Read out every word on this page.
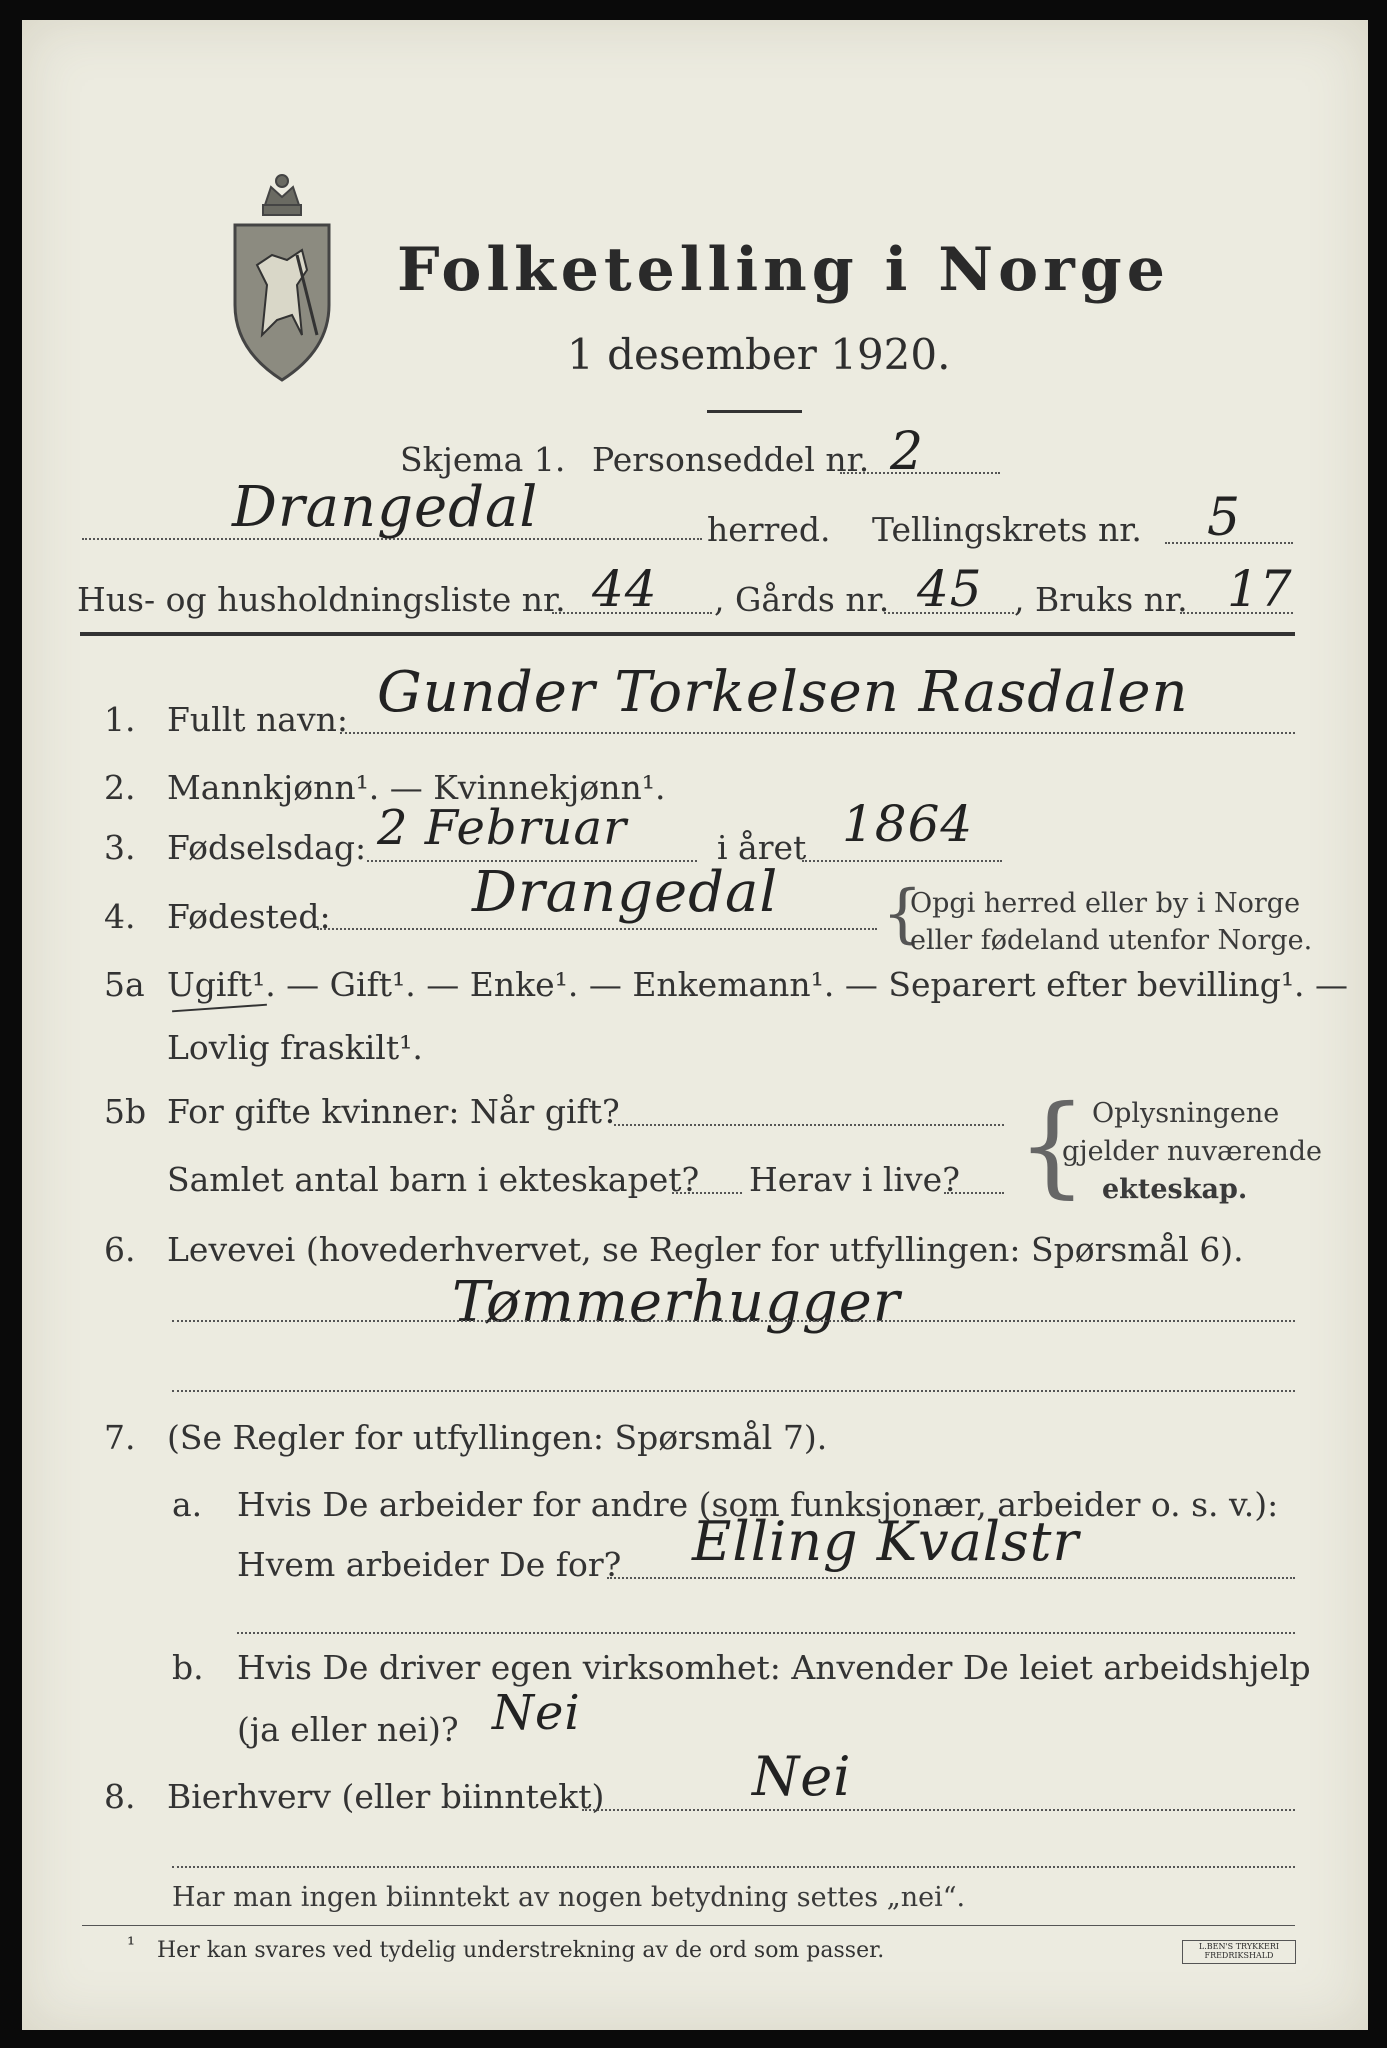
Folketelling i Norge
1 desember 1920.
Skjema 1. Personseddel nr. 2
Drangedal	herred. Tellingskrets nr. 5
Hus- og husholdningsliste nr. 44 , Gårds nr. 45 , Bruks nr. 17
1. Fullt navn: Gunder Torkelsen Rasdalen
2. Mannkjønn¹. — Kvinnekjønn¹.
3. Fødselsdag: 2 Februar	i året 1864
4. Fødested:	Drangedal {
Opgi herred eller by i Norge
eller fødeland utenfor Norge.
5a Ugift¹. — Gift¹. — Enke¹. — Enkemann¹. — Separert efter bevilling¹. —
Lovlig fraskilt¹.
5b For gifte kvinner: Når gift?
Samlet antal barn i ekteskapet? Herav i live? { Oplysningene
gjelder nuværende
ekteskap.
6. Levevei (hovederhvervet, se Regler for utfyllingen: Spørsmål 6).
Tømmerhugger
7. (Se Regler for utfyllingen: Spørsmål 7).
a. Hvis De arbeider for andre (som funksjonær, arbeider o. s. v.):
Hvem arbeider De for? Elling Kvalstr
b. Hvis De driver egen virksomhet: Anvender De leiet arbeidshjelp
(ja eller nei)? Nei
8. Bierhverv (eller biinntekt)	Nei
Har man ingen biinntekt av nogen betydning settes „nei“.
¹ Her kan svares ved tydelig understrekning av de ord som passer.	L.BEN'S TRYKKERI FREDRIKSHALD
